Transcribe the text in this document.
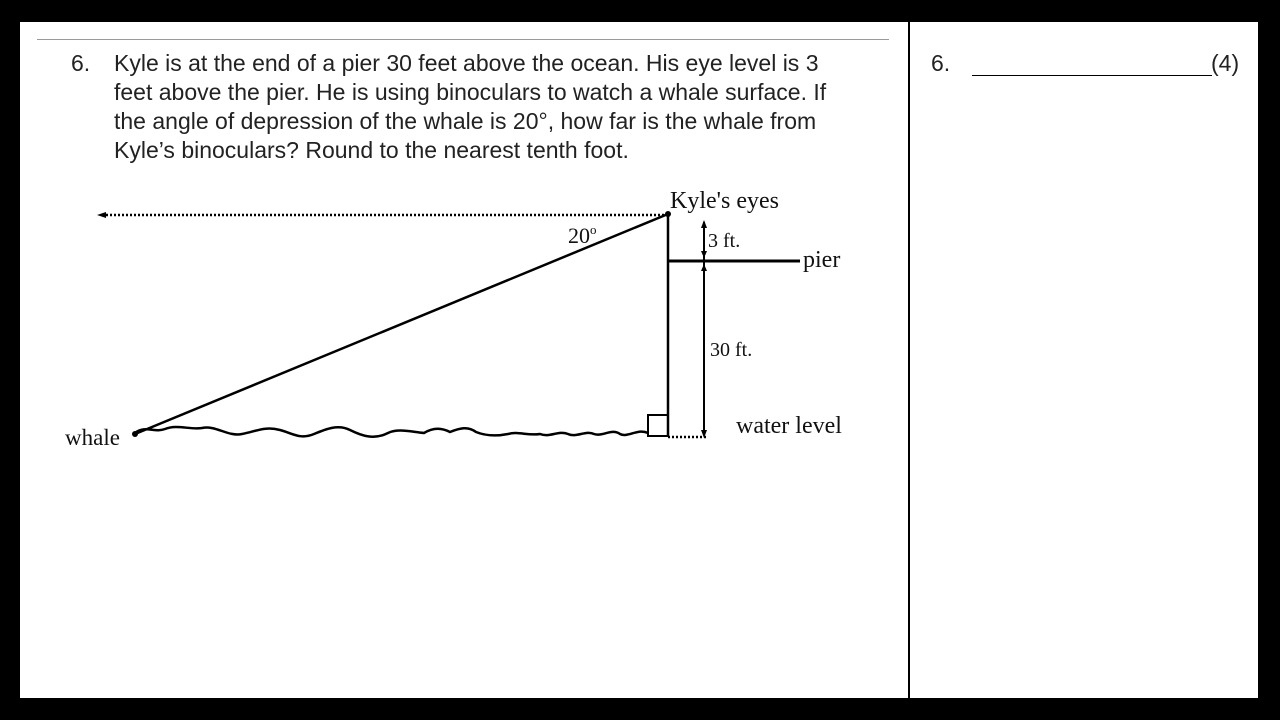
6. Kyle is at the end of a pier 30 feet above the ocean. His eye level is 3
feet above the pier. He is using binoculars to watch a whale surface. If
the angle of depression of the whale is 20°, how far is the whale from
Kyle’s binoculars? Round to the nearest tenth foot.
6.	(4)
Kyle's eyes
20$^o$
3 ft.
pier
30 ft.
water level
whale
